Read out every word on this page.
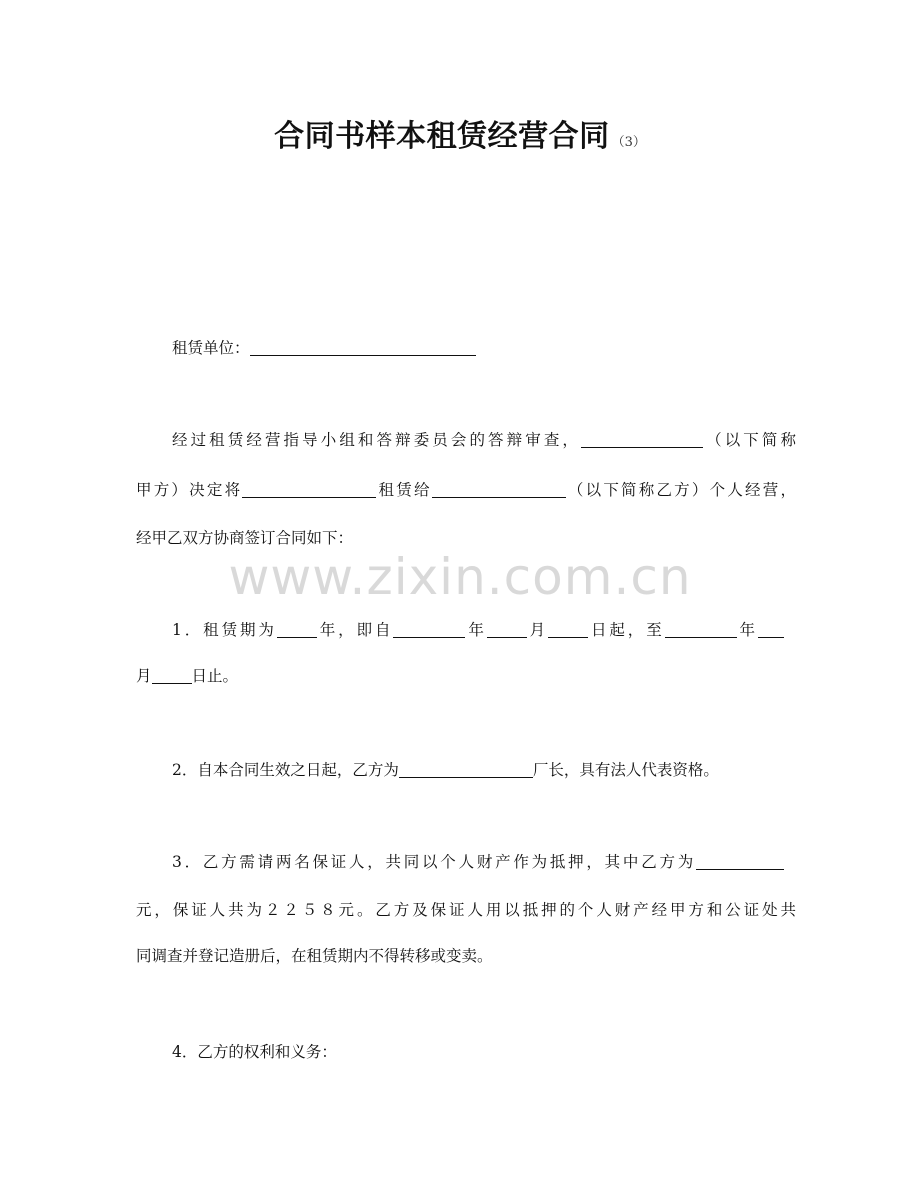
合同书样本租赁经营合同 （3）
租赁单位：
经过租赁经营指导小组和答辩委员会的答辩审查，	（以下简称
甲方）决定将	租赁给	（以下简称乙方）个人经营，
经甲乙双方协商签订合同如下：
www.zixin.com.cn
1．租赁期为	年，即自	年	月	日起，至	年
月	日止。
2．自本合同生效之日起，乙方为	厂长，具有法人代表资格。
3．乙方需请两名保证人，共同以个人财产作为抵押，其中乙方为
元，保证人共为２２５８元。乙方及保证人用以抵押的个人财产经甲方和公证处共
同调查并登记造册后，在租赁期内不得转移或变卖。
4．乙方的权利和义务：
